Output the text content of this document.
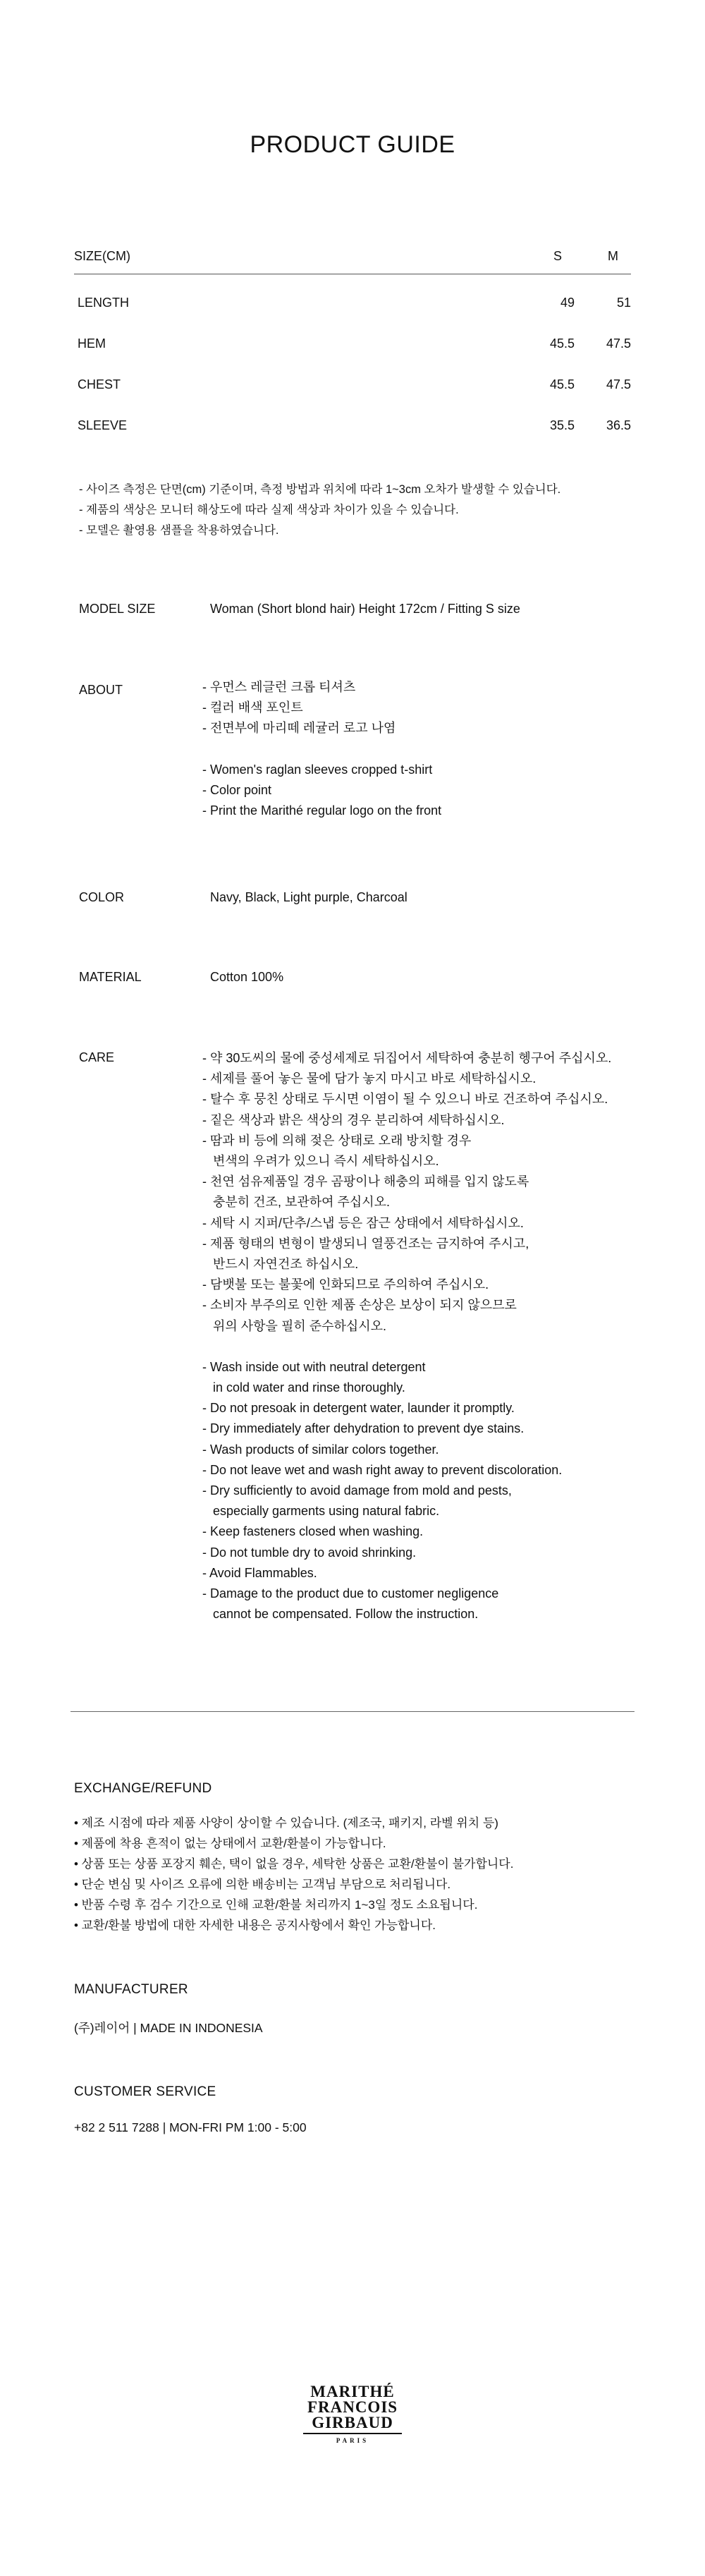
PRODUCT GUIDE
SIZE(CM)	S	M
LENGTH	49	51
HEM	45.5	47.5
CHEST	45.5	47.5
SLEEVE	35.5	36.5
- 사이즈 측정은 단면(cm) 기준이며, 측정 방법과 위치에 따라 1~3cm 오차가 발생할 수 있습니다.
- 제품의 색상은 모니터 해상도에 따라 실제 색상과 차이가 있을 수 있습니다.
- 모델은 촬영용 샘플을 착용하였습니다.
MODEL SIZE	Woman (Short blond hair) Height 172cm / Fitting S size
ABOUT	- 우먼스 레글런 크롭 티셔츠
- 컬러 배색 포인트
- 전면부에 마리떼 레귤러 로고 나염
- Women's raglan sleeves cropped t-shirt
- Color point
- Print the Marithé regular logo on the front
COLOR	Navy, Black, Light purple, Charcoal
MATERIAL	Cotton 100%
CARE	- 약 30도씨의 물에 중성세제로 뒤집어서 세탁하여 충분히 헹구어 주십시오.
- 세제를 풀어 놓은 물에 담가 놓지 마시고 바로 세탁하십시오.
- 탈수 후 뭉친 상태로 두시면 이염이 될 수 있으니 바로 건조하여 주십시오.
- 짙은 색상과 밝은 색상의 경우 분리하여 세탁하십시오.
- 땀과 비 등에 의해 젖은 상태로 오래 방치할 경우
변색의 우려가 있으니 즉시 세탁하십시오.
- 천연 섬유제품일 경우 곰팡이나 해충의 피해를 입지 않도록
충분히 건조, 보관하여 주십시오.
- 세탁 시 지퍼/단추/스냅 등은 잠근 상태에서 세탁하십시오.
- 제품 형태의 변형이 발생되니 열풍건조는 금지하여 주시고,
반드시 자연건조 하십시오.
- 담뱃불 또는 불꽃에 인화되므로 주의하여 주십시오.
- 소비자 부주의로 인한 제품 손상은 보상이 되지 않으므로
위의 사항을 필히 준수하십시오.
- Wash inside out with neutral detergent
in cold water and rinse thoroughly.
- Do not presoak in detergent water, launder it promptly.
- Dry immediately after dehydration to prevent dye stains.
- Wash products of similar colors together.
- Do not leave wet and wash right away to prevent discoloration.
- Dry sufficiently to avoid damage from mold and pests,
especially garments using natural fabric.
- Keep fasteners closed when washing.
- Do not tumble dry to avoid shrinking.
- Avoid Flammables.
- Damage to the product due to customer negligence
cannot be compensated. Follow the instruction.
EXCHANGE/REFUND
• 제조 시점에 따라 제품 사양이 상이할 수 있습니다. (제조국, 패키지, 라벨 위치 등)
• 제품에 착용 흔적이 없는 상태에서 교환/환불이 가능합니다.
• 상품 또는 상품 포장지 훼손, 택이 없을 경우, 세탁한 상품은 교환/환불이 불가합니다.
• 단순 변심 및 사이즈 오류에 의한 배송비는 고객님 부담으로 처리됩니다.
• 반품 수령 후 검수 기간으로 인해 교환/환불 처리까지 1~3일 정도 소요됩니다.
• 교환/환불 방법에 대한 자세한 내용은 공지사항에서 확인 가능합니다.
MANUFACTURER
(주)레이어 | MADE IN INDONESIA
CUSTOMER SERVICE
+82 2 511 7288 | MON-FRI PM 1:00 - 5:00
MARITHÉ
FRANCOIS
GIRBAUD
PARIS
